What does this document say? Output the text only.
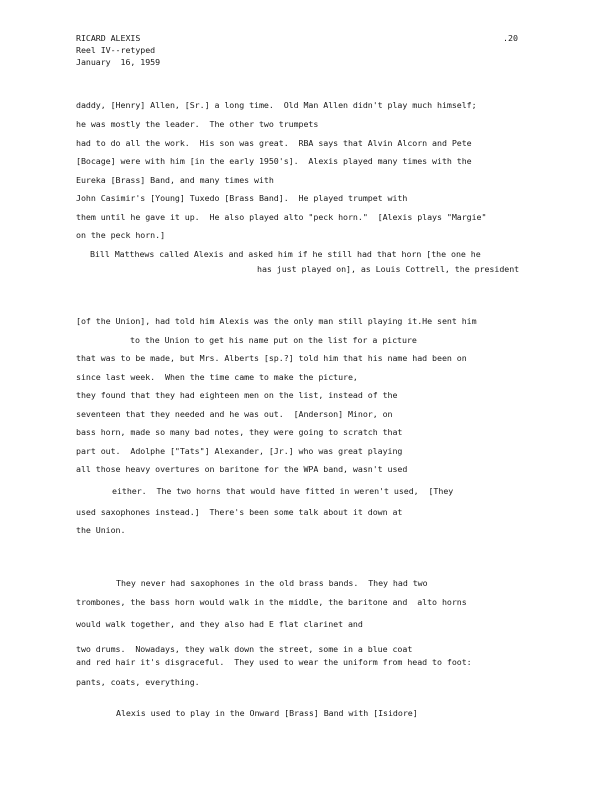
RICARD ALEXIS
Reel IV--retyped
January  16, 1959
.20
daddy, [Henry] Allen, [Sr.] a long time.  Old Man Allen didn't play much himself;
he was mostly the leader.  The other two trumpets
had to do all the work.  His son was great.  RBA says that Alvin Alcorn and Pete
[Bocage] were with him [in the early 1950's].  Alexis played many times with the
Eureka [Brass] Band, and many times with
John Casimir's [Young] Tuxedo [Brass Band].  He played trumpet with
them until he gave it up.  He also played alto "peck horn."  [Alexis plays "Margie"
on the peck horn.]
Bill Matthews called Alexis and asked him if he still had that horn [the one he
has just played on], as Louis Cottrell, the president
[of the Union], had told him Alexis was the only man still playing it.He sent him
to the Union to get his name put on the list for a picture
that was to be made, but Mrs. Alberts [sp.?] told him that his name had been on
since last week.  When the time came to make the picture,
they found that they had eighteen men on the list, instead of the
seventeen that they needed and he was out.  [Anderson] Minor, on
bass horn, made so many bad notes, they were going to scratch that
part out.  Adolphe ["Tats"] Alexander, [Jr.] who was great playing
all those heavy overtures on baritone for the WPA band, wasn't used
either.  The two horns that would have fitted in weren't used,  [They
used saxophones instead.]  There's been some talk about it down at
the Union.
They never had saxophones in the old brass bands.  They had two
trombones, the bass horn would walk in the middle, the baritone and  alto horns
would walk together, and they also had E flat clarinet and
two drums.  Nowadays, they walk down the street, some in a blue coat
and red hair it's disgraceful.  They used to wear the uniform from head to foot:
pants, coats, everything.
Alexis used to play in the Onward [Brass] Band with [Isidore]
